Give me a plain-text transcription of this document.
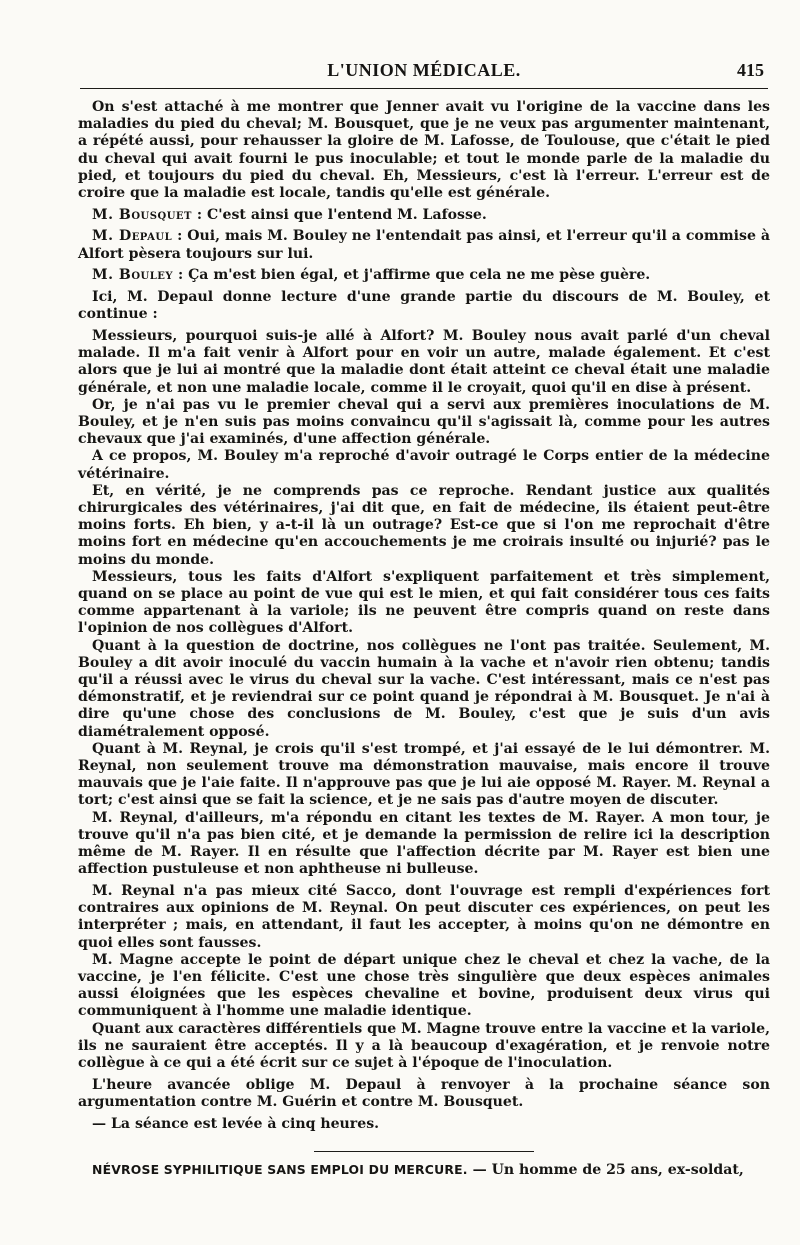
L'UNION MÉDICALE.	415

On s'est attaché à me montrer que Jenner avait vu l'origine de la vaccine dans les maladies du pied du cheval; M. Bousquet, que je ne veux pas argumenter maintenant, a répété aussi, pour rehausser la gloire de M. Lafosse, de Toulouse, que c'était le pied du cheval qui avait fourni le pus inoculable; et tout le monde parle de la maladie du pied, et toujours du pied du cheval. Eh, Messieurs, c'est là l'erreur. L'erreur est de croire que la maladie est locale, tandis qu'elle est générale.

M. Bousquet : C'est ainsi que l'entend M. Lafosse.

M. Depaul : Oui, mais M. Bouley ne l'entendait pas ainsi, et l'erreur qu'il a commise à Alfort pèsera toujours sur lui.

M. Bouley : Ça m'est bien égal, et j'affirme que cela ne me pèse guère.

Ici, M. Depaul donne lecture d'une grande partie du discours de M. Bouley, et continue :

Messieurs, pourquoi suis-je allé à Alfort? M. Bouley nous avait parlé d'un cheval malade. Il m'a fait venir à Alfort pour en voir un autre, malade également. Et c'est alors que je lui ai montré que la maladie dont était atteint ce cheval était une maladie générale, et non une maladie locale, comme il le croyait, quoi qu'il en dise à présent.

Or, je n'ai pas vu le premier cheval qui a servi aux premières inoculations de M. Bouley, et je n'en suis pas moins convaincu qu'il s'agissait là, comme pour les autres chevaux que j'ai examinés, d'une affection générale.

A ce propos, M. Bouley m'a reproché d'avoir outragé le Corps entier de la médecine vétérinaire.

Et, en vérité, je ne comprends pas ce reproche. Rendant justice aux qualités chirurgicales des vétérinaires, j'ai dit que, en fait de médecine, ils étaient peut-être moins forts. Eh bien, y a-t-il là un outrage? Est-ce que si l'on me reprochait d'être moins fort en médecine qu'en accouchements je me croirais insulté ou injurié? pas le moins du monde.

Messieurs, tous les faits d'Alfort s'expliquent parfaitement et très simplement, quand on se place au point de vue qui est le mien, et qui fait considérer tous ces faits comme appartenant à la variole; ils ne peuvent être compris quand on reste dans l'opinion de nos collègues d'Alfort.

Quant à la question de doctrine, nos collègues ne l'ont pas traitée. Seulement, M. Bouley a dit avoir inoculé du vaccin humain à la vache et n'avoir rien obtenu; tandis qu'il a réussi avec le virus du cheval sur la vache. C'est intéressant, mais ce n'est pas démonstratif, et je reviendrai sur ce point quand je répondrai à M. Bousquet. Je n'ai à dire qu'une chose des conclusions de M. Bouley, c'est que je suis d'un avis diamétralement opposé.

Quant à M. Reynal, je crois qu'il s'est trompé, et j'ai essayé de le lui démontrer. M. Reynal, non seulement trouve ma démonstration mauvaise, mais encore il trouve mauvais que je l'aie faite. Il n'approuve pas que je lui aie opposé M. Rayer. M. Reynal a tort; c'est ainsi que se fait la science, et je ne sais pas d'autre moyen de discuter.

M. Reynal, d'ailleurs, m'a répondu en citant les textes de M. Rayer. A mon tour, je trouve qu'il n'a pas bien cité, et je demande la permission de relire ici la description même de M. Rayer. Il en résulte que l'affection décrite par M. Rayer est bien une affection pustuleuse et non aphtheuse ni bulleuse.

M. Reynal n'a pas mieux cité Sacco, dont l'ouvrage est rempli d'expériences fort contraires aux opinions de M. Reynal. On peut discuter ces expériences, on peut les interpréter ; mais, en attendant, il faut les accepter, à moins qu'on ne démontre en quoi elles sont fausses.

M. Magne accepte le point de départ unique chez le cheval et chez la vache, de la vaccine, je l'en félicite. C'est une chose très singulière que deux espèces animales aussi éloignées que les espèces chevaline et bovine, produisent deux virus qui communiquent à l'homme une maladie identique.

Quant aux caractères différentiels que M. Magne trouve entre la vaccine et la variole, ils ne sauraient être acceptés. Il y a là beaucoup d'exagération, et je renvoie notre collègue à ce qui a été écrit sur ce sujet à l'époque de l'inoculation.

L'heure avancée oblige M. Depaul à renvoyer à la prochaine séance son argumentation contre M. Guérin et contre M. Bousquet.

— La séance est levée à cinq heures.

NÉVROSE SYPHILITIQUE SANS EMPLOI DU MERCURE. — Un homme de 25 ans, ex-soldat,
